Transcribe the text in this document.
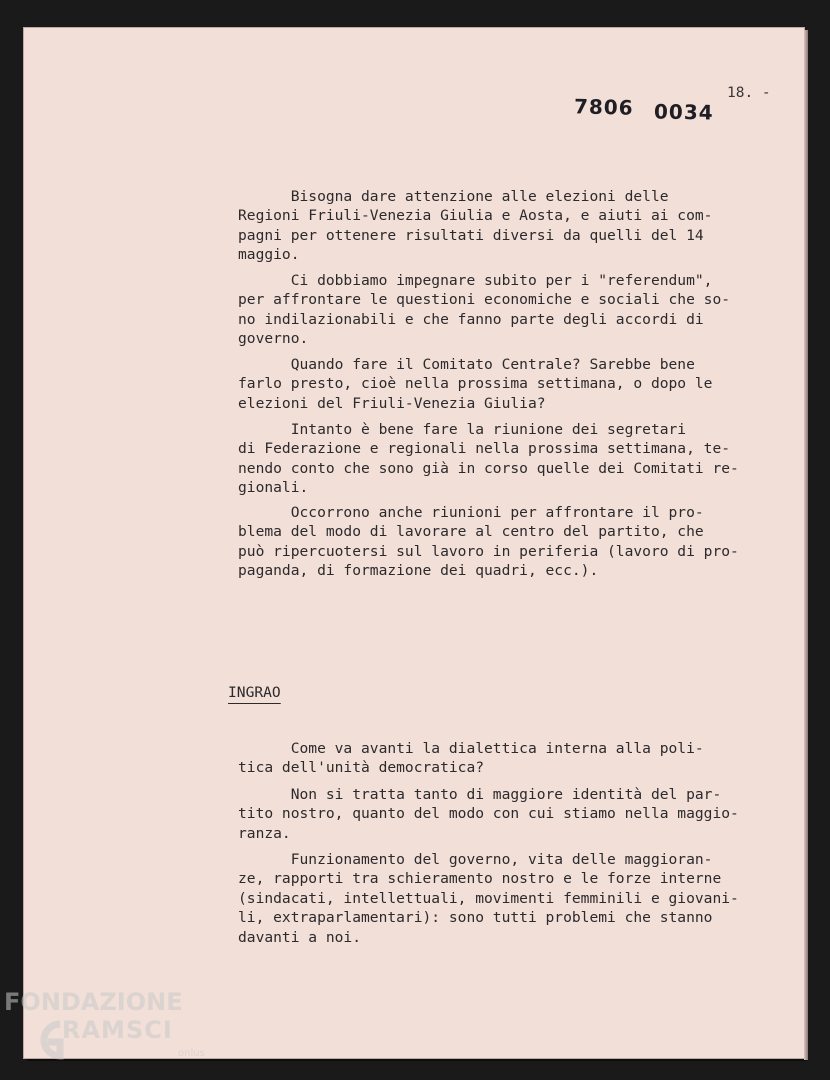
18. -
7806 0034
Bisogna dare attenzione alle elezioni delle
Regioni Friuli-Venezia Giulia e Aosta, e aiuti ai com-
pagni per ottenere risultati diversi da quelli del 14
maggio.
Ci dobbiamo impegnare subito per i "referendum",
per affrontare le questioni economiche e sociali che so-
no indilazionabili e che fanno parte degli accordi di
governo.
Quando fare il Comitato Centrale? Sarebbe bene
farlo presto, cioè nella prossima settimana, o dopo le
elezioni del Friuli-Venezia Giulia?
Intanto è bene fare la riunione dei segretari
di Federazione e regionali nella prossima settimana, te-
nendo conto che sono già in corso quelle dei Comitati re-
gionali.
Occorrono anche riunioni per affrontare il pro-
blema del modo di lavorare al centro del partito, che
può ripercuotersi sul lavoro in periferia (lavoro di pro-
paganda, di formazione dei quadri, ecc.).
INGRAO
Come va avanti la dialettica interna alla poli-
tica dell'unità democratica?
Non si tratta tanto di maggiore identità del par-
tito nostro, quanto del modo con cui stiamo nella maggio-
ranza.
Funzionamento del governo, vita delle maggioran-
ze, rapporti tra schieramento nostro e le forze interne
(sindacati, intellettuali, movimenti femminili e giovani-
li, extraparlamentari): sono tutti problemi che stanno
davanti a noi.
FONDAZIONE
RAMSCI
onlus
